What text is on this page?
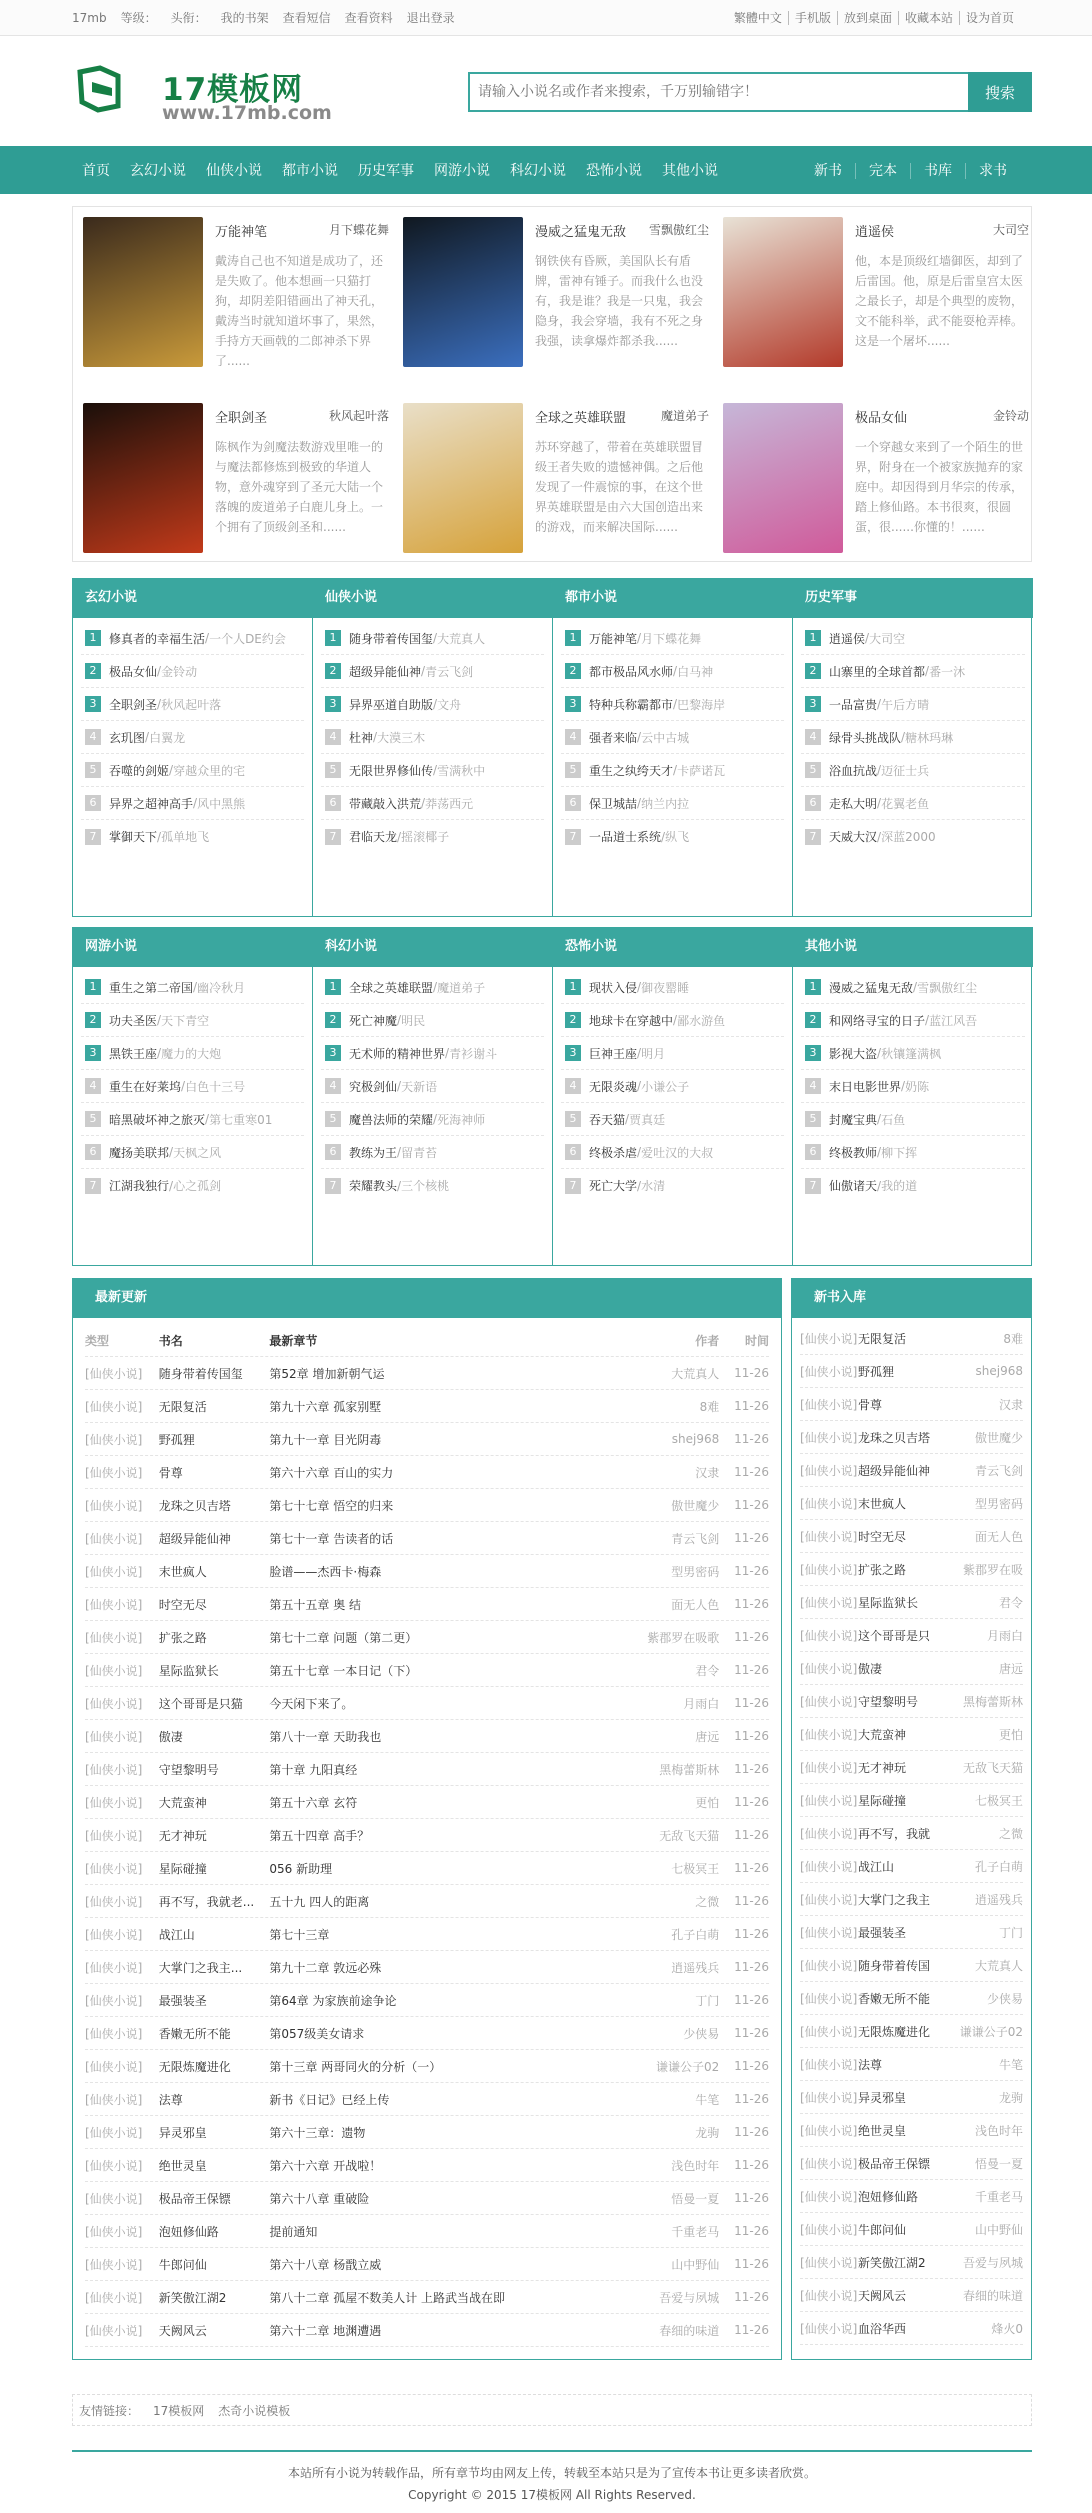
17mb 等级： 头衔： 我的书架 查看短信 查看资料 退出登录	繁體中文 手机版 放到桌面 收藏本站 设为首页
17模板网
www.17mb.com
请输入小说名或作者来搜索，千万别输错字！
搜索
首页 玄幻小说 仙侠小说 都市小说 历史军事 网游小说 科幻小说 恐怖小说 其他小说	新书 完本 书库 求书
万能神笔	月下蝶花舞
戴涛自己也不知道是成功了，还是失败了。他本想画一只猫打狗，却阴差阳错画出了神天孔，戴涛当时就知道坏事了，果然，手持方天画戟的二郎神杀下界了......
漫威之猛鬼无敌	雪飘傲红尘
钢铁侠有昏厥，美国队长有盾牌，雷神有锤子。而我什么也没有，我是谁？我是一只鬼，我会隐身，我会穿墙，我有不死之身我强，读拿爆炸都杀我......
逍遥侯	大司空
他，本是顶级红墙御医，却到了后雷国。他，原是后雷皇宫太医之最长子，却是个典型的废物，文不能科举，武不能耍枪弄棒。这是一个屠坏......
全职剑圣	秋风起叶落
陈枫作为剑魔法数游戏里唯一的与魔法都修炼到极致的华道人物，意外魂穿到了圣元大陆一个落魄的废道弟子白鹿儿身上。一个拥有了顶级剑圣和......
全球之英雄联盟	魔道弟子
苏环穿越了，带着在英雄联盟冒级王者失败的遗憾神偶。之后他发现了一件震惊的事，在这个世界英雄联盟是由六大国创造出来的游戏，而来解决国际......
极品女仙	金铃动
一个穿越女来到了一个陌生的世界，附身在一个被家族抛弃的家庭中。却因得到月华宗的传承，踏上修仙路。本书很爽，很圆蛋，很......你懂的！......
玄幻小说
1	修真者的幸福生活 / 一个人DE约会
2	极品女仙 / 金铃动
3	全职剑圣 / 秋风起叶落
4	玄玑图 / 白翼龙
5	吞噬的剑姬 / 穿越众里的宅
6	异界之超神高手 / 风中黑熊
7	掌御天下 / 孤单地飞
仙侠小说
1	随身带着传国玺 / 大荒真人
2	超级异能仙神 / 青云飞剑
3	异界巫道自助版 / 文舟
4	杜神 / 大漠三木
5	无限世界修仙传 / 雪满秋中
6	带藏敲入洪荒 / 莽荡西元
7	君临天龙 / 摇滚椰子
都市小说
1	万能神笔 / 月下蝶花舞
2	都市极品风水师 / 白马神
3	特种兵称霸都市 / 巴黎海岸
4	强者来临 / 云中古城
5	重生之纨绔天才 / 卡萨诺瓦
6	保卫城喆 / 纳兰内拉
7	一品道士系统 / 纵飞
历史军事
1	逍遥侯 / 大司空
2	山寨里的全球首都 / 番一沐
3	一品富贵 / 午后方晴
4	绿骨头挑战队 / 糖林玛琳
5	浴血抗战 / 迈征士兵
6	走私大明 / 花翼老鱼
7	天威大汉 / 深蓝2000
网游小说
1	重生之第二帝国 / 幽冷秋月
2	功夫圣医 / 天下青空
3	黑铁王座 / 魔力的大炮
4	重生在好莱坞 / 白色十三号
5	暗黑破坏神之旅灭 / 第七重寒01
6	魔扬美联邦 / 天枫之风
7	江湖我独行 / 心之孤剑
科幻小说
1	全球之英雄联盟 / 魔道弟子
2	死亡神魔 / 明民
3	无术师的精神世界 / 青衫谢斗
4	究极剑仙 / 天新语
5	魔兽法师的荣耀 / 死海神师
6	教练为王 / 留青苔
7	荣耀教头 / 三个核桃
恐怖小说
1	现状入侵 / 御夜罂睡
2	地球卡在穿越中 / 鄙水游鱼
3	巨神王座 / 明月
4	无限炎魂 / 小谦公子
5	吞天猫 / 贾真廷
6	终极杀虐 / 爱吐汉的大叔
7	死亡大学 / 水清
其他小说
1	漫威之猛鬼无敌 / 雪飘傲红尘
2	和网络寻宝的日子 / 蓝江风吾
3	影视大盗 / 秋镶篷满枫
4	末日电影世界 / 奶陈
5	封魔宝典 / 石鱼
6	终极教师 / 柳下挥
7	仙傲诸天 / 我的道
最新更新
类型	书名	最新章节	作者	时间
[仙侠小说]	随身带着传国玺	第52章 增加新朝气运	大荒真人	11-26
[仙侠小说]	无限复活	第九十六章 孤家别墅	8难	11-26
[仙侠小说]	野孤狸	第九十一章 目光阴毒	shej968	11-26
[仙侠小说]	骨尊	第六十六章 百山的实力	汉隶	11-26
[仙侠小说]	龙珠之贝吉塔	第七十七章 悟空的归来	傲世魔少	11-26
[仙侠小说]	超级异能仙神	第七十一章 告读者的话	青云飞剑	11-26
[仙侠小说]	末世疯人	脸谱——杰西卡·梅森	型男密码	11-26
[仙侠小说]	时空无尽	第五十五章 奥 结	面无人色	11-26
[仙侠小说]	扩张之路	第七十二章 问题（第二更）	紫郡罗在吸歌	11-26
[仙侠小说]	星际监狱长	第五十七章 一本日记（下）	君令	11-26
[仙侠小说]	这个哥哥是只猫	今天闲下来了。	月雨白	11-26
[仙侠小说]	傲凄	第八十一章 天助我也	唐远	11-26
[仙侠小说]	守望黎明号	第十章 九阳真经	黑梅蕾斯林	11-26
[仙侠小说]	大荒蛮神	第五十六章 玄符	更怕	11-26
[仙侠小说]	无才神玩	第五十四章 高手？	无敌飞天猫	11-26
[仙侠小说]	星际碰撞	056 新助理	七极冥王	11-26
[仙侠小说]	再不写，我就老...	五十九 四人的距离	之微	11-26
[仙侠小说]	战江山	第七十三章	孔子白萌	11-26
[仙侠小说]	大掌门之我主...	第九十二章 敦远必殊	逍遥残兵	11-26
[仙侠小说]	最强装圣	第64章 为家族前途争论	丁门	11-26
[仙侠小说]	香嫩无所不能	第057级美女请求	少侠易	11-26
[仙侠小说]	无限炼魔进化	第十三章 两哥同火的分析（一）	谦谦公子02	11-26
[仙侠小说]	法尊	新书《日记》已经上传	牛笔	11-26
[仙侠小说]	异灵邪皇	第六十三章：遗物	龙驹	11-26
[仙侠小说]	绝世灵皇	第六十六章 开战啦！	浅色时年	11-26
[仙侠小说]	极品帝王保镖	第六十八章 重破险	悟曼一夏	11-26
[仙侠小说]	泡妞修仙路	提前通知	千重老马	11-26
[仙侠小说]	牛郎问仙	第六十八章 杨戬立威	山中野仙	11-26
[仙侠小说]	新笑傲江湖2	第八十二章 孤屋不数美人计 上路武当战在即	吾爱与夙城	11-26
[仙侠小说]	天阙风云	第六十二章 地渊遭遇	春细的味道	11-26
新书入库
[仙侠小说] 无限复活	8难
[仙侠小说] 野孤狸	shej968
[仙侠小说] 骨尊	汉隶
[仙侠小说] 龙珠之贝吉塔	傲世魔少
[仙侠小说] 超级异能仙神	青云飞剑
[仙侠小说] 末世疯人	型男密码
[仙侠小说] 时空无尽	面无人色
[仙侠小说] 扩张之路	紫郡罗在吸
[仙侠小说] 星际监狱长	君令
[仙侠小说] 这个哥哥是只	月雨白
[仙侠小说] 傲凄	唐远
[仙侠小说] 守望黎明号	黑梅蕾斯林
[仙侠小说] 大荒蛮神	更怕
[仙侠小说] 无才神玩	无敌飞天猫
[仙侠小说] 星际碰撞	七极冥王
[仙侠小说] 再不写，我就	之微
[仙侠小说] 战江山	孔子白萌
[仙侠小说] 大掌门之我主	逍遥残兵
[仙侠小说] 最强装圣	丁门
[仙侠小说] 随身带着传国	大荒真人
[仙侠小说] 香嫩无所不能	少侠易
[仙侠小说] 无限炼魔进化	谦谦公子02
[仙侠小说] 法尊	牛笔
[仙侠小说] 异灵邪皇	龙驹
[仙侠小说] 绝世灵皇	浅色时年
[仙侠小说] 极品帝王保镖	悟曼一夏
[仙侠小说] 泡妞修仙路	千重老马
[仙侠小说] 牛郎问仙	山中野仙
[仙侠小说] 新笑傲江湖2	吾爱与夙城
[仙侠小说] 天阙风云	春细的味道
[仙侠小说] 血浴华西	烽火0
友情链接： 17模板网 杰奇小说模板
本站所有小说为转载作品，所有章节均由网友上传，转载至本站只是为了宣传本书让更多读者欣赏。
Copyright © 2015 17模板网 All Rights Reserved.
